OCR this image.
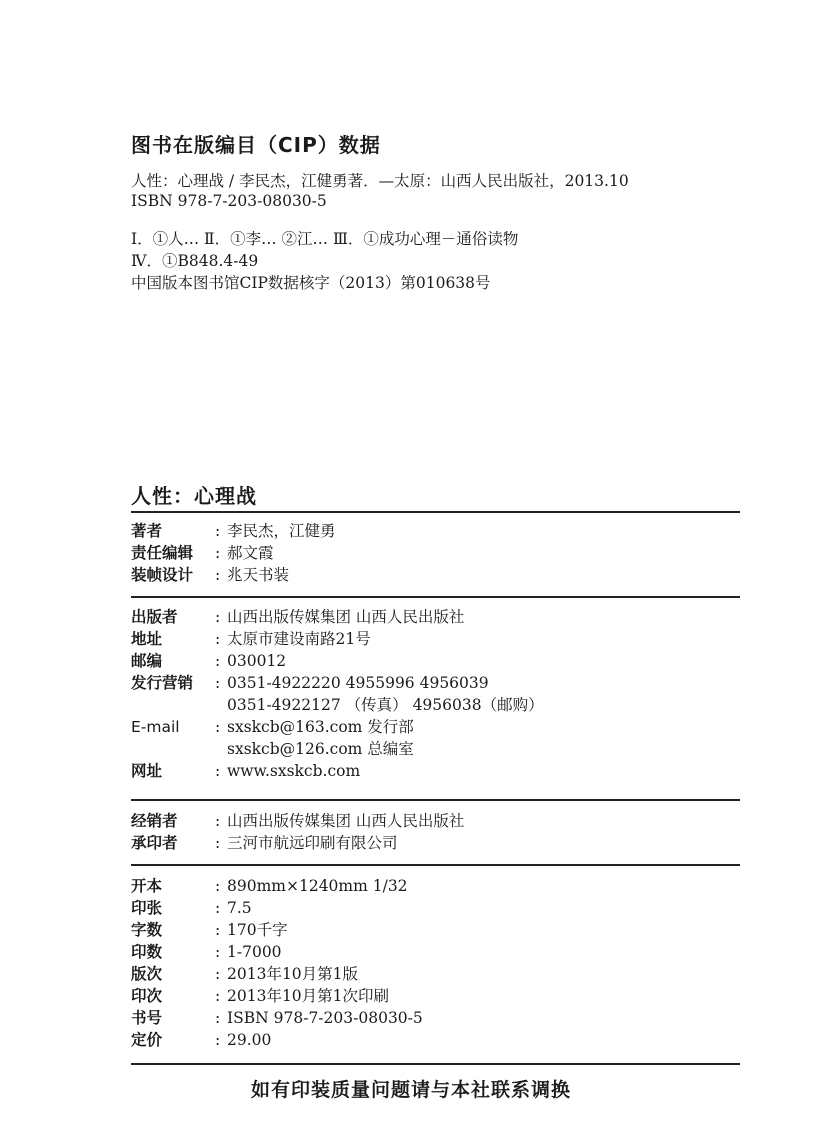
图书在版编目（CIP）数据
人性：心理战 / 李民杰，江健勇著．—太原：山西人民出版社，2013.10
ISBN 978-7-203-08030-5
Ⅰ．①人… Ⅱ．①李… ②江… Ⅲ．①成功心理－通俗读物
Ⅳ．①B848.4-49
中国版本图书馆CIP数据核字（2013）第010638号
人性：心理战
著者	: 李民杰，江健勇
责任编辑	: 郝文霞
装帧设计	: 兆天书装
出版者	: 山西出版传媒集团 山西人民出版社
地址	: 太原市建设南路21号
邮编	: 030012
发行营销	: 0351-4922220 4955996 4956039
0351-4922127 （传真） 4956038（邮购）
E-mail	: sxskcb@163.com 发行部
sxskcb@126.com 总编室
网址	: www.sxskcb.com
经销者	: 山西出版传媒集团 山西人民出版社
承印者	: 三河市航远印刷有限公司
开本	: 890mm×1240mm 1/32
印张	: 7.5
字数	: 170千字
印数	: 1-7000
版次	: 2013年10月第1版
印次	: 2013年10月第1次印刷
书号	: ISBN 978-7-203-08030-5
定价	: 29.00
如有印装质量问题请与本社联系调换
